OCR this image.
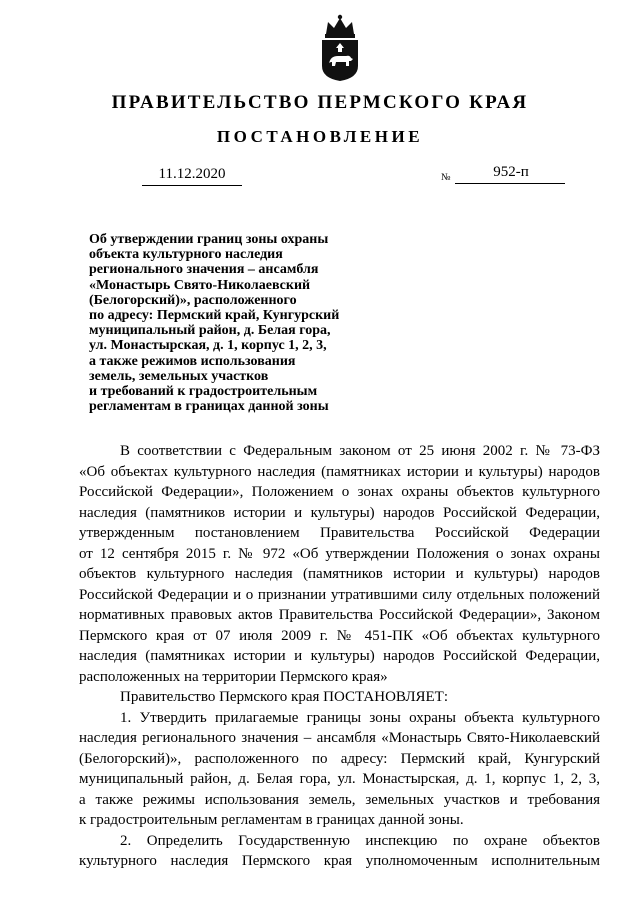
ПРАВИТЕЛЬСТВО ПЕРМСКОГО КРАЯ
ПОСТАНОВЛЕНИЕ
11.12.2020	№	952-п
Об утверждении границ зоны охраны
объекта культурного наследия
регионального значения – ансамбля
«Монастырь Свято-Николаевский
(Белогорский)», расположенного
по адресу: Пермский край, Кунгурский
муниципальный район, д. Белая гора,
ул. Монастырская, д. 1, корпус 1, 2, 3,
а также режимов использования
земель, земельных участков
и требований к градостроительным
регламентам в границах данной зоны
В соответствии с Федеральным законом от 25 июня 2002 г. № 73-ФЗ
«Об объектах культурного наследия (памятниках истории и культуры) народов
Российской Федерации», Положением о зонах охраны объектов культурного
наследия (памятников истории и культуры) народов Российской Федерации,
утвержденным постановлением Правительства Российской Федерации
от 12 сентября 2015 г. № 972 «Об утверждении Положения о зонах охраны
объектов культурного наследия (памятников истории и культуры) народов
Российской Федерации и о признании утратившими силу отдельных положений
нормативных правовых актов Правительства Российской Федерации», Законом
Пермского края от 07 июля 2009 г. № 451-ПК «Об объектах культурного
наследия (памятниках истории и культуры) народов Российской Федерации,
расположенных на территории Пермского края»
Правительство Пермского края ПОСТАНОВЛЯЕТ:
1. Утвердить прилагаемые границы зоны охраны объекта культурного
наследия регионального значения – ансамбля «Монастырь Свято-Николаевский
(Белогорский)», расположенного по адресу: Пермский край, Кунгурский
муниципальный район, д. Белая гора, ул. Монастырская, д. 1, корпус 1, 2, 3,
а также режимы использования земель, земельных участков и требования
к градостроительным регламентам в границах данной зоны.
2. Определить Государственную инспекцию по охране объектов
культурного наследия Пермского края уполномоченным исполнительным
